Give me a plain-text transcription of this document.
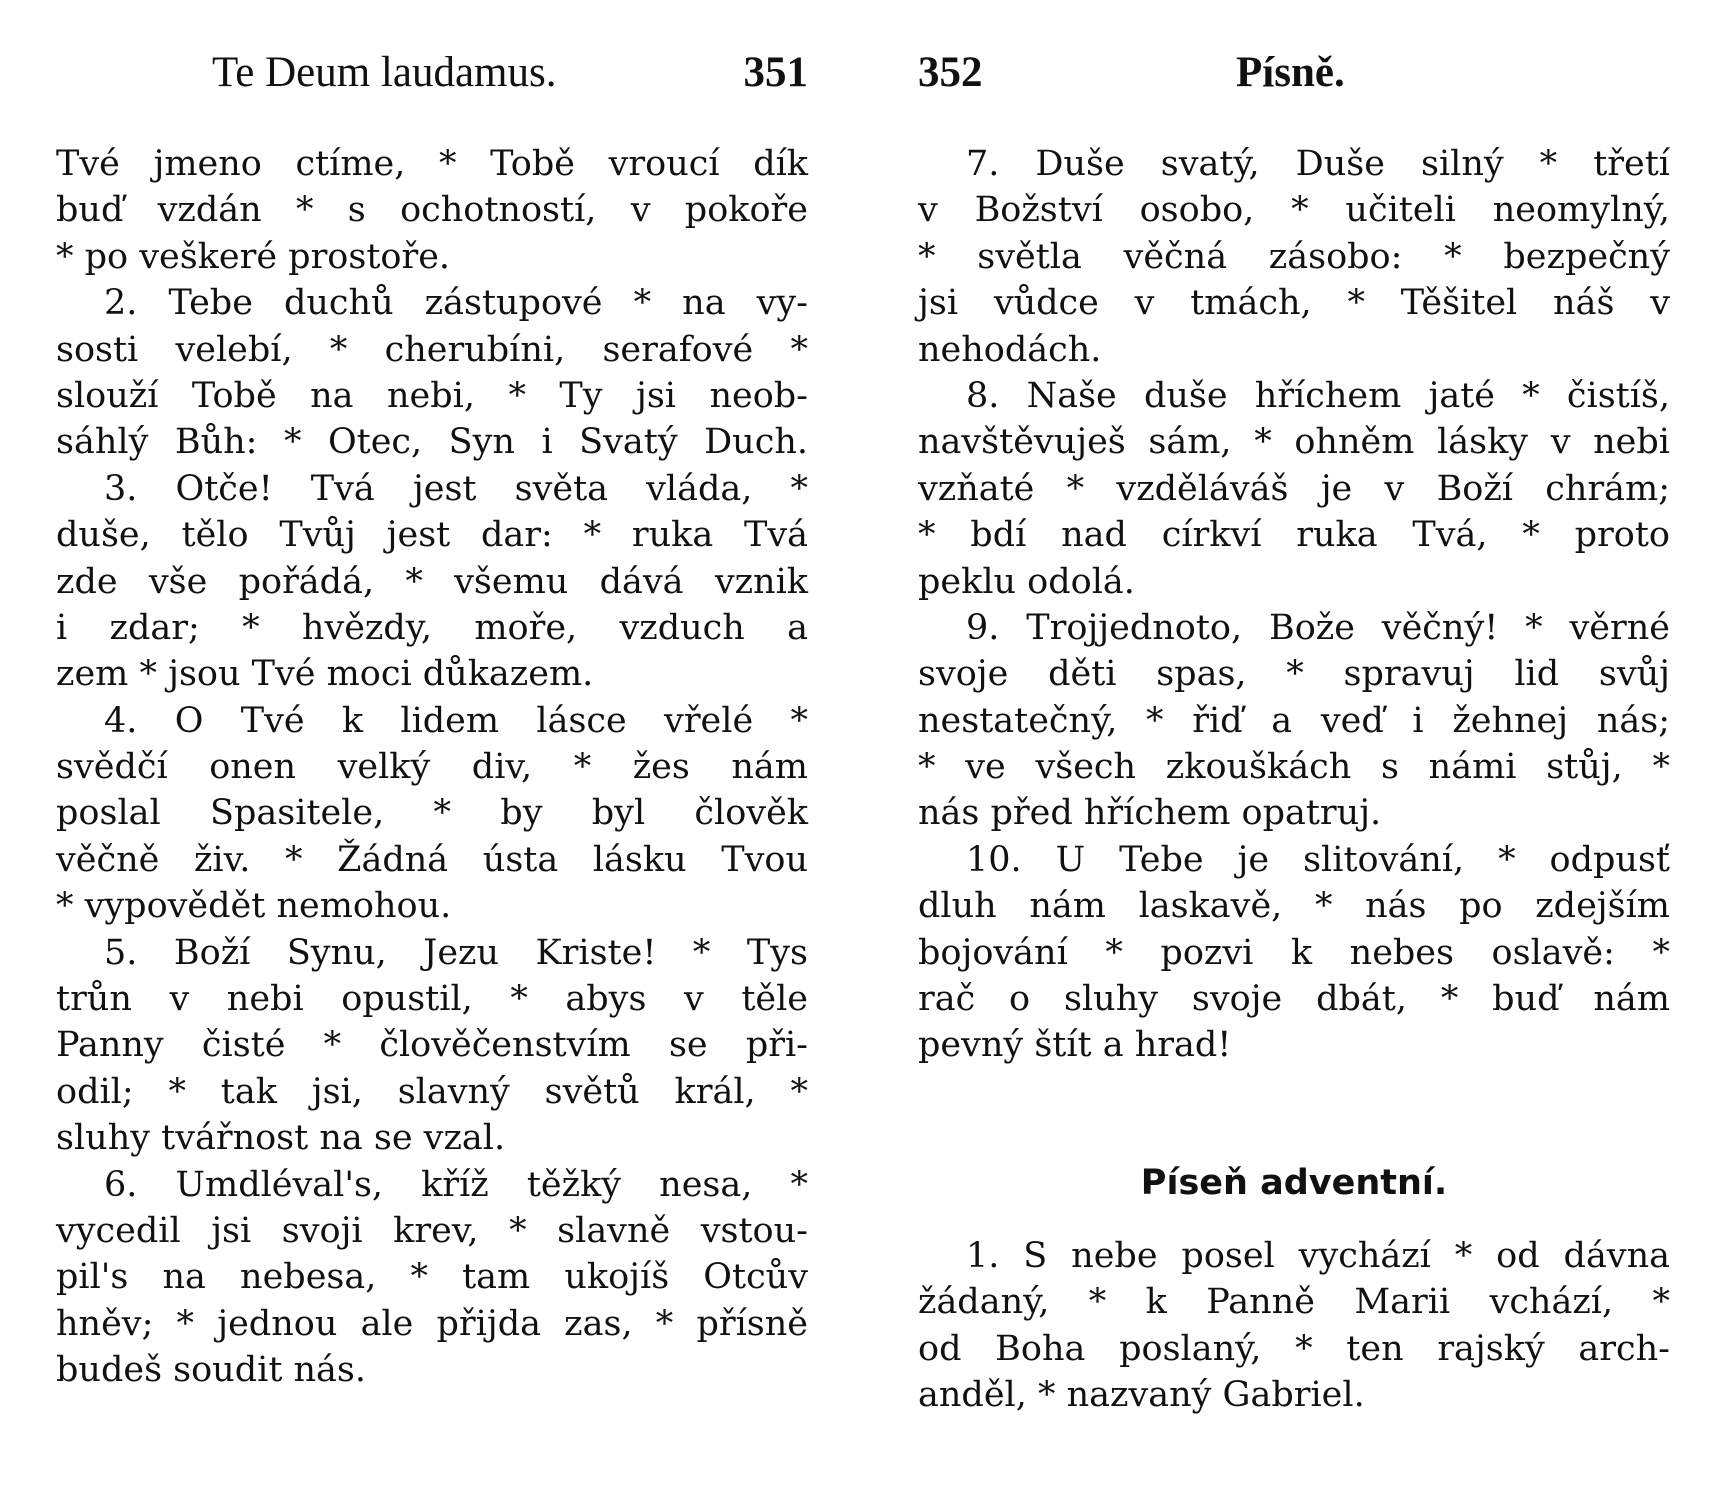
Te Deum laudamus.	351
Tvé jmeno ctíme, * Tobě vroucí dík
buď vzdán * s ochotností, v pokoře
* po veškeré prostoře.
2. Tebe duchů zástupové * na vy-
sosti velebí, * cherubíni, serafové *
slouží Tobě na nebi, * Ty jsi neob-
sáhlý Bůh: * Otec, Syn i Svatý Duch.
3. Otče! Tvá jest světa vláda, *
duše, tělo Tvůj jest dar: * ruka Tvá
zde vše pořádá, * všemu dává vznik
i zdar; * hvězdy, moře, vzduch a
zem * jsou Tvé moci důkazem.
4. O Tvé k lidem lásce vřelé *
svědčí onen velký div, * žes nám
poslal Spasitele, * by byl člověk
věčně živ. * Žádná ústa lásku Tvou
* vypovědět nemohou.
5. Boží Synu, Jezu Kriste! * Tys
trůn v nebi opustil, * abys v těle
Panny čisté * člověčenstvím se při-
odil; * tak jsi, slavný světů král, *
sluhy tvářnost na se vzal.
6. Umdléval's, kříž těžký nesa, *
vycedil jsi svoji krev, * slavně vstou-
pil's na nebesa, * tam ukojíš Otcův
hněv; * jednou ale přijda zas, * přísně
budeš soudit nás.
352	Písně.
7. Duše svatý, Duše silný * třetí
v Božství osobo, * učiteli neomylný,
* světla věčná zásobo: * bezpečný
jsi vůdce v tmách, * Těšitel náš v
nehodách.
8. Naše duše hříchem jaté * čistíš,
navštěvuješ sám, * ohněm lásky v nebi
vzňaté * vzděláváš je v Boží chrám;
* bdí nad církví ruka Tvá, * proto
peklu odolá.
9. Trojjednoto, Bože věčný! * věrné
svoje děti spas, * spravuj lid svůj
nestatečný, * řiď a veď i žehnej nás;
* ve všech zkouškách s námi stůj, *
nás před hříchem opatruj.
10. U Tebe je slitování, * odpusť
dluh nám laskavě, * nás po zdejším
bojování * pozvi k nebes oslavě: *
rač o sluhy svoje dbát, * buď nám
pevný štít a hrad!
Píseň adventní.
1. S nebe posel vychází * od dávna
žádaný, * k Panně Marii vchází, *
od Boha poslaný, * ten rajský arch-
anděl, * nazvaný Gabriel.
